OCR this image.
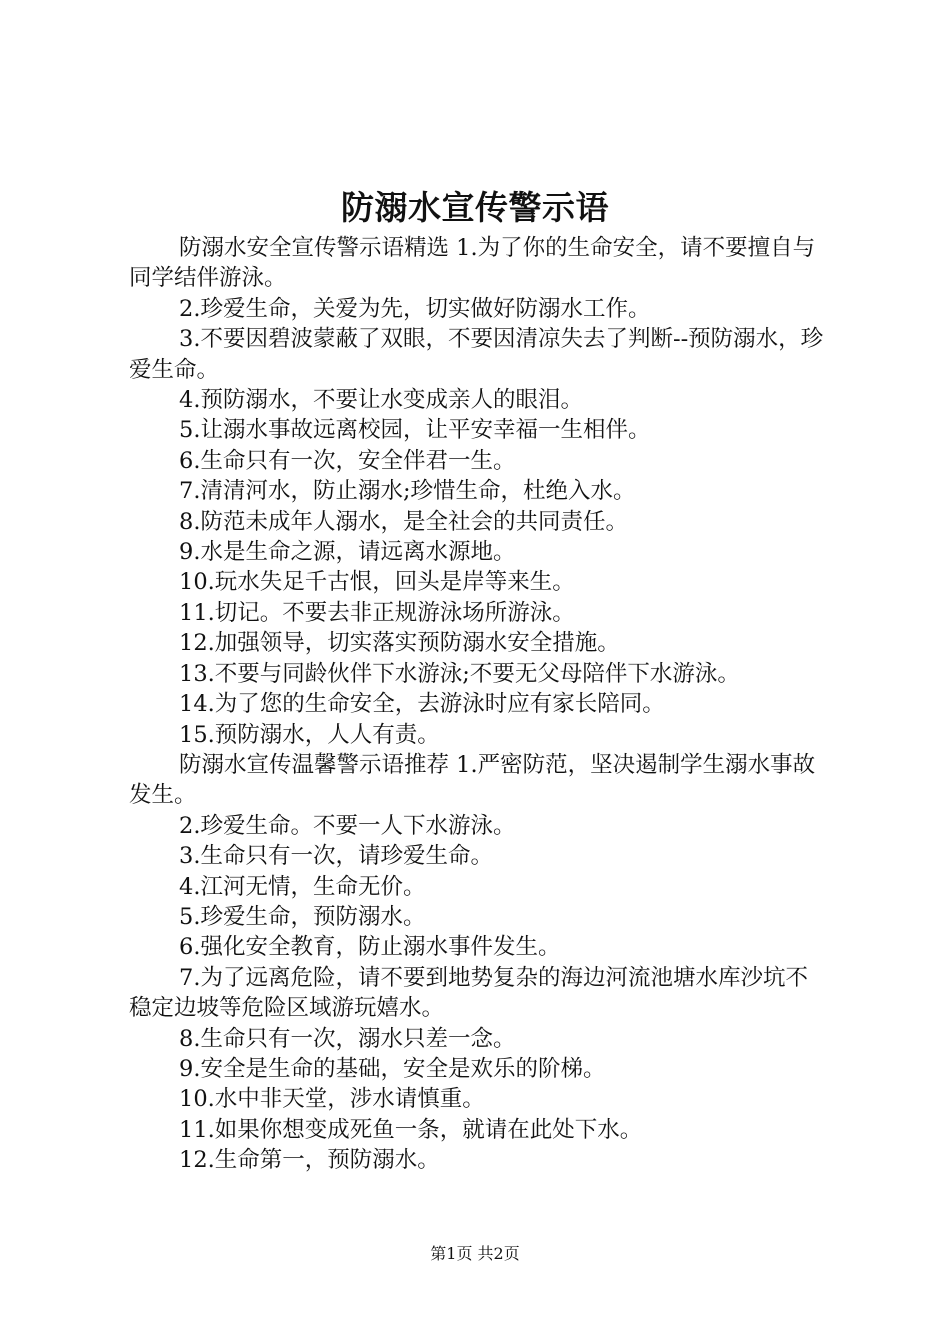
防溺水宣传警示语

防溺水安全宣传警示语精选 1.为了你的生命安全，请不要擅自与同学结伴游泳。

2.珍爱生命，关爱为先，切实做好防溺水工作。

3.不要因碧波蒙蔽了双眼，不要因清凉失去了判断--预防溺水，珍爱生命。

4.预防溺水，不要让水变成亲人的眼泪。

5.让溺水事故远离校园，让平安幸福一生相伴。

6.生命只有一次，安全伴君一生。

7.清清河水，防止溺水;珍惜生命，杜绝入水。

8.防范未成年人溺水，是全社会的共同责任。

9.水是生命之源，请远离水源地。

10.玩水失足千古恨，回头是岸等来生。

11.切记。不要去非正规游泳场所游泳。

12.加强领导，切实落实预防溺水安全措施。

13.不要与同龄伙伴下水游泳;不要无父母陪伴下水游泳。

14.为了您的生命安全，去游泳时应有家长陪同。

15.预防溺水，人人有责。

防溺水宣传温馨警示语推荐 1.严密防范，坚决遏制学生溺水事故发生。

2.珍爱生命。不要一人下水游泳。

3.生命只有一次，请珍爱生命。

4.江河无情，生命无价。

5.珍爱生命，预防溺水。

6.强化安全教育，防止溺水事件发生。

7.为了远离危险，请不要到地势复杂的海边河流池塘水库沙坑不稳定边坡等危险区域游玩嬉水。

8.生命只有一次，溺水只差一念。

9.安全是生命的基础，安全是欢乐的阶梯。

10.水中非天堂，涉水请慎重。

11.如果你想变成死鱼一条，就请在此处下水。

12.生命第一，预防溺水。

第1页 共2页
